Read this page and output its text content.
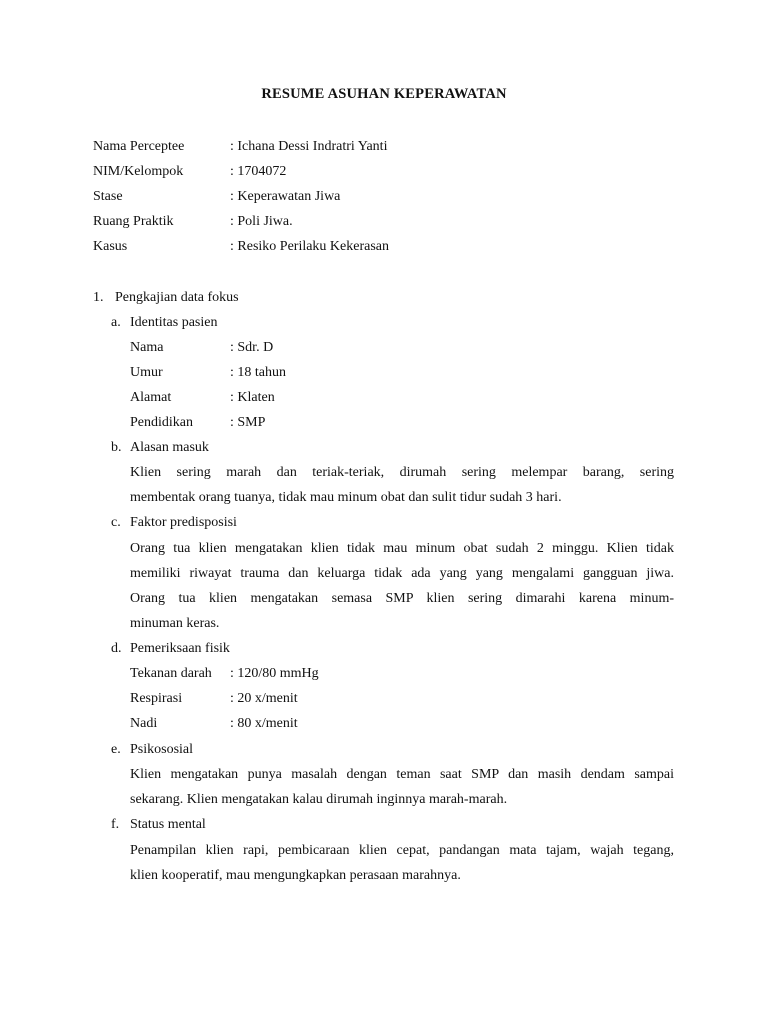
RESUME ASUHAN KEPERAWATAN
Nama Perceptee	: Ichana Dessi Indratri Yanti
NIM/Kelompok	: 1704072
Stase	: Keperawatan Jiwa
Ruang Praktik	: Poli Jiwa.
Kasus	: Resiko Perilaku Kekerasan
1. Pengkajian data fokus
a. Identitas pasien
Nama	: Sdr. D
Umur	: 18 tahun
Alamat	: Klaten
Pendidikan	: SMP
b. Alasan masuk
Klien sering marah dan teriak-teriak, dirumah sering melempar barang, sering
membentak orang tuanya, tidak mau minum obat dan sulit tidur sudah 3 hari.
c. Faktor predisposisi
Orang tua klien mengatakan klien tidak mau minum obat sudah 2 minggu. Klien tidak
memiliki riwayat trauma dan keluarga tidak ada yang yang mengalami gangguan jiwa.
Orang tua klien mengatakan semasa SMP klien sering dimarahi karena minum-
minuman keras.
d. Pemeriksaan fisik
Tekanan darah : 120/80 mmHg
Respirasi	: 20 x/menit
Nadi	: 80 x/menit
e. Psikososial
Klien mengatakan punya masalah dengan teman saat SMP dan masih dendam sampai
sekarang. Klien mengatakan kalau dirumah inginnya marah-marah.
f. Status mental
Penampilan klien rapi, pembicaraan klien cepat, pandangan mata tajam, wajah tegang,
klien kooperatif, mau mengungkapkan perasaan marahnya.
